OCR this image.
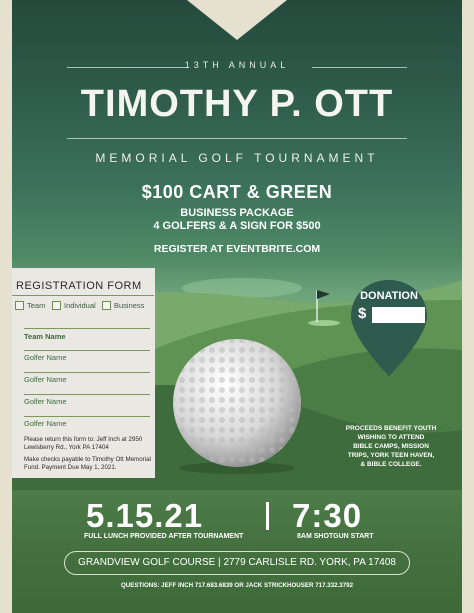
13TH ANNUAL
TIMOTHY P. OTT
MEMORIAL GOLF TOURNAMENT
$100 CART & GREEN
BUSINESS PACKAGE
4 GOLFERS & A SIGN FOR $500
REGISTER AT EVENTBRITE.COM
REGISTRATION FORM
Team Individual Business
Team Name
Golfer Name
Golfer Name
Golfer Name
Golfer Name
Please return this form to: Jeff Inch at 2950 Lewisberry Rd., York PA 17404
Make checks payable to Timothy Ott Memorial Fund. Payment Due May 1, 2021.
DONATION
$
PROCEEDS BENEFIT YOUTH
WISHING TO ATTEND
BIBLE CAMPS, MISSION
TRIPS, YORK TEEN HAVEN,
& BIBLE COLLEGE.
5.15.21	7:30
FULL LUNCH PROVIDED AFTER TOURNAMENT	8AM SHOTGUN START
GRANDVIEW GOLF COURSE | 2779 CARLISLE RD. YORK, PA 17408
QUESTIONS: JEFF INCH 717.683.6839 OR JACK STRICKHOUSER 717.332.3792
